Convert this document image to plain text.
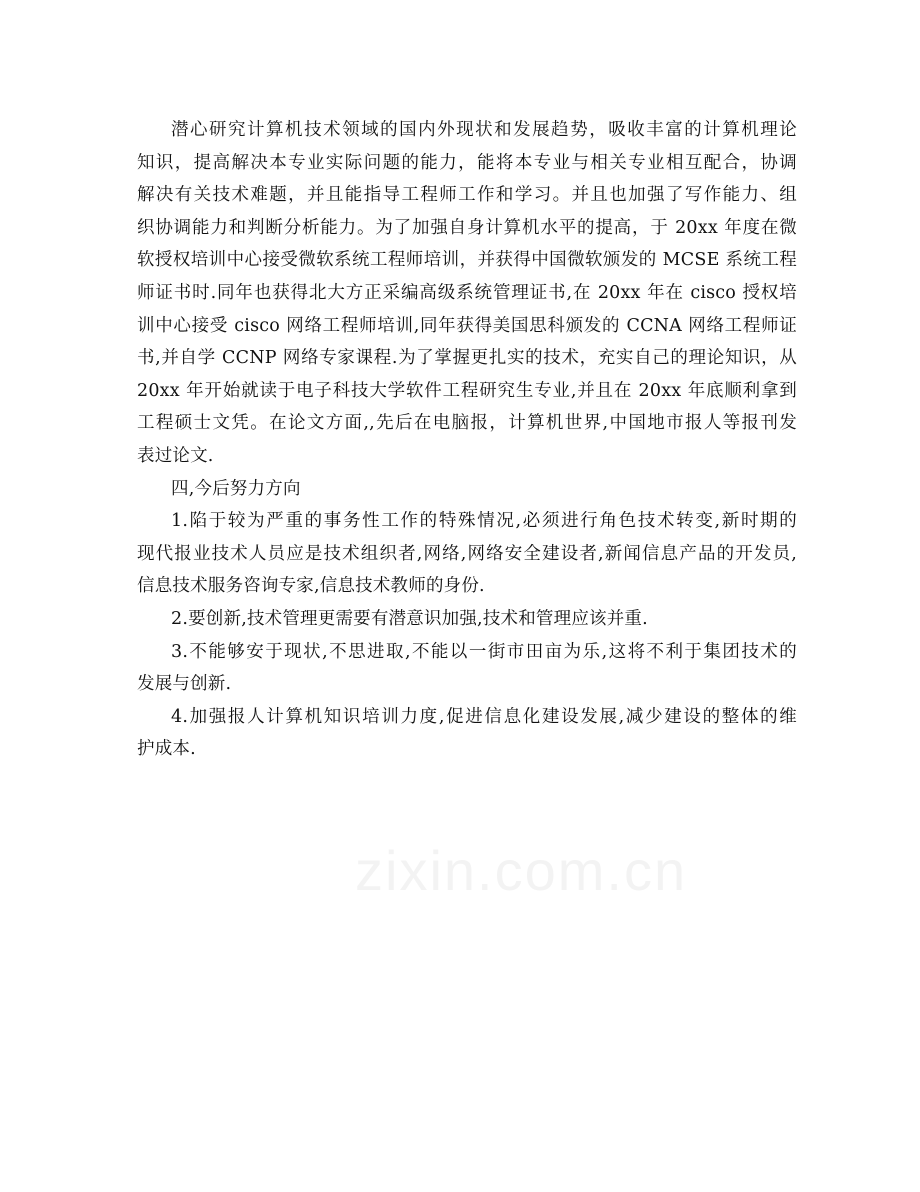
zixin.com.cn

潜心研究计算机技术领域的国内外现状和发展趋势，吸收丰富的计算机理论
知识，提高解决本专业实际问题的能力，能将本专业与相关专业相互配合，协调
解决有关技术难题，并且能指导工程师工作和学习。并且也加强了写作能力、组
织协调能力和判断分析能力。为了加强自身计算机水平的提高，于 20xx 年度在微
软授权培训中心接受微软系统工程师培训，并获得中国微软颁发的 MCSE 系统工程
师证书时.同年也获得北大方正采编高级系统管理证书,在 20xx 年在 cisco 授权培
训中心接受 cisco 网络工程师培训,同年获得美国思科颁发的 CCNA 网络工程师证
书,并自学 CCNP 网络专家课程.为了掌握更扎实的技术，充实自己的理论知识，从
20xx 年开始就读于电子科技大学软件工程研究生专业,并且在 20xx 年底顺利拿到
工程硕士文凭。在论文方面,,先后在电脑报，计算机世界,中国地市报人等报刊发
表过论文.

四,今后努力方向

1.陷于较为严重的事务性工作的特殊情况,必须进行角色技术转变,新时期的
现代报业技术人员应是技术组织者,网络,网络安全建设者,新闻信息产品的开发员,
信息技术服务咨询专家,信息技术教师的身份.

2.要创新,技术管理更需要有潜意识加强,技术和管理应该并重.

3.不能够安于现状,不思进取,不能以一街市田亩为乐,这将不利于集团技术的
发展与创新.

4.加强报人计算机知识培训力度,促进信息化建设发展,减少建设的整体的维
护成本.
